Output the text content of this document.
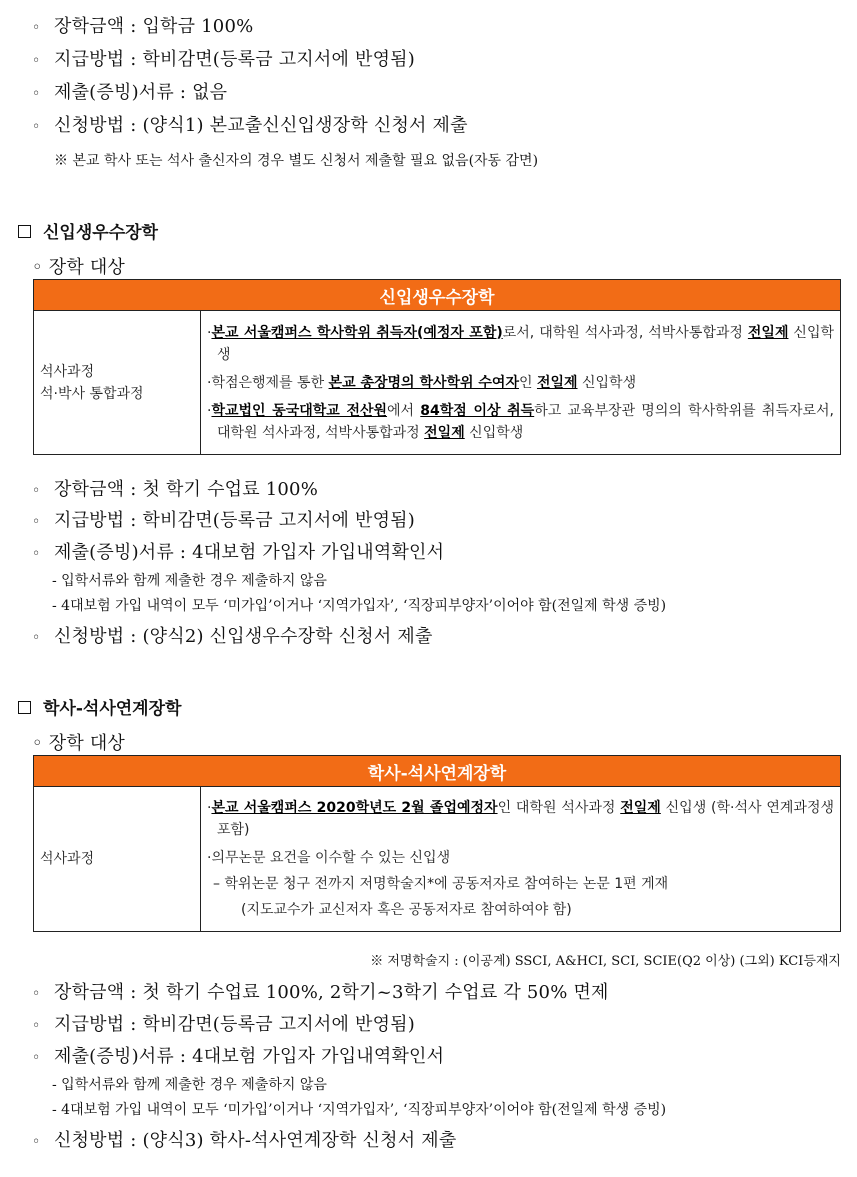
◦ 장학금액 : 입학금 100%
◦ 지급방법 : 학비감면(등록금 고지서에 반영됨)
◦ 제출(증빙)서류 : 없음
◦ 신청방법 : (양식1) 본교출신신입생장학 신청서 제출
※ 본교 학사 또는 석사 출신자의 경우 별도 신청서 제출할 필요 없음(자동 감면)
신입생우수장학
◦ 장학 대상
신입생우수장학

석사과정
석·박사 통합과정

·본교 서울캠퍼스 학사학위 취득자(예정자 포함)로서, 대학원 석사과정, 석박사통합과정 전일제 신입학생
·학점은행제를 통한 본교 총장명의 학사학위 수여자인 전일제 신입학생
·학교법인 동국대학교 전산원에서 84학점 이상 취득하고 교육부장관 명의의 학사학위를 취득자로서, 대학원 석사과정, 석박사통합과정 전일제 신입학생
◦ 장학금액 : 첫 학기 수업료 100%
◦ 지급방법 : 학비감면(등록금 고지서에 반영됨)
◦ 제출(증빙)서류 : 4대보험 가입자 가입내역확인서
- 입학서류와 함께 제출한 경우 제출하지 않음
- 4대보험 가입 내역이 모두 ‘미가입’이거나 ‘지역가입자’, ‘직장피부양자’이어야 함(전일제 학생 증빙)
◦ 신청방법 : (양식2) 신입생우수장학 신청서 제출
학사-석사연계장학
◦ 장학 대상
학사-석사연계장학

석사과정

·본교 서울캠퍼스 2020학년도 2월 졸업예정자인 대학원 석사과정 전일제 신입생 (학·석사 연계과정생 포함)
·의무논문 요건을 이수할 수 있는 신입생
– 학위논문 청구 전까지 저명학술지*에 공동저자로 참여하는 논문 1편 게재
(지도교수가 교신저자 혹은 공동저자로 참여하여야 함)
※ 저명학술지 : (이공계) SSCI, A&HCI, SCI, SCIE(Q2 이상) (그외) KCI등재지
◦ 장학금액 : 첫 학기 수업료 100%, 2학기~3학기 수업료 각 50% 면제
◦ 지급방법 : 학비감면(등록금 고지서에 반영됨)
◦ 제출(증빙)서류 : 4대보험 가입자 가입내역확인서
- 입학서류와 함께 제출한 경우 제출하지 않음
- 4대보험 가입 내역이 모두 ‘미가입’이거나 ‘지역가입자’, ‘직장피부양자’이어야 함(전일제 학생 증빙)
◦ 신청방법 : (양식3) 학사-석사연계장학 신청서 제출
